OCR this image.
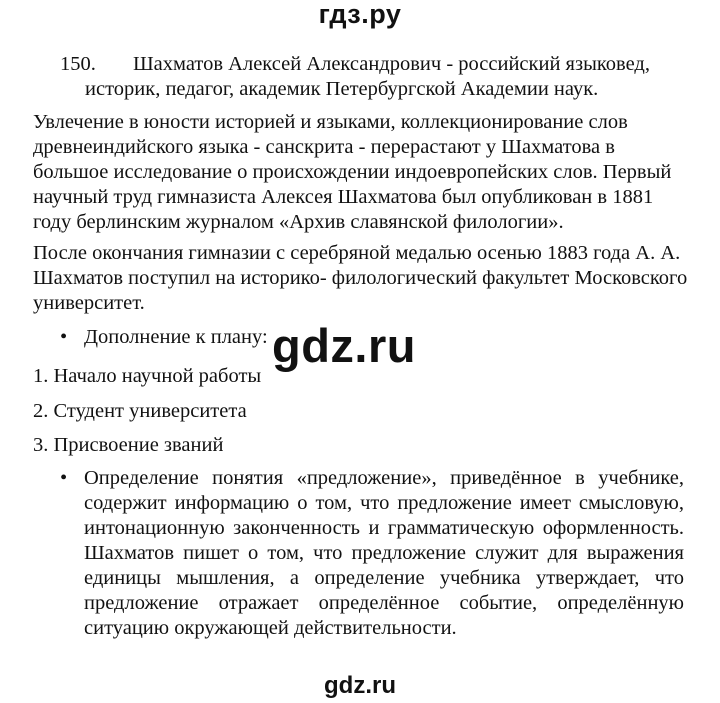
гдз.ру
150. Шахматов Алексей Александрович - российский языковед,
историк, педагог, академик Петербургской Академии наук.

Увлечение в юности историей и языками, коллекционирование слов древнеиндийского языка - санскрита - перерастают у Шахматова в большое исследование о происхождении индоевропейских слов. Первый научный труд гимназиста Алексея Шахматова был опубликован в 1881 году берлинским журналом «Архив славянской филологии».

После окончания гимназии с серебряной медалью осенью 1883 года А. А. Шахматов поступил на историко- филологический факультет Московского университет.

• Дополнение к плану:
1. Начало научной работы
2. Студент университета
3. Присвоение званий
• Определение понятия «предложение», приведённое в учебнике, содержит информацию о том, что предложение имеет смысловую, интонационную законченность и грамматическую оформленность. Шахматов пишет о том, что предложение служит для выражения единицы мышления, а определение учебника утверждает, что предложение отражает определённое событие, определённую ситуацию окружающей действительности.
gdz.ru
gdz.ru
